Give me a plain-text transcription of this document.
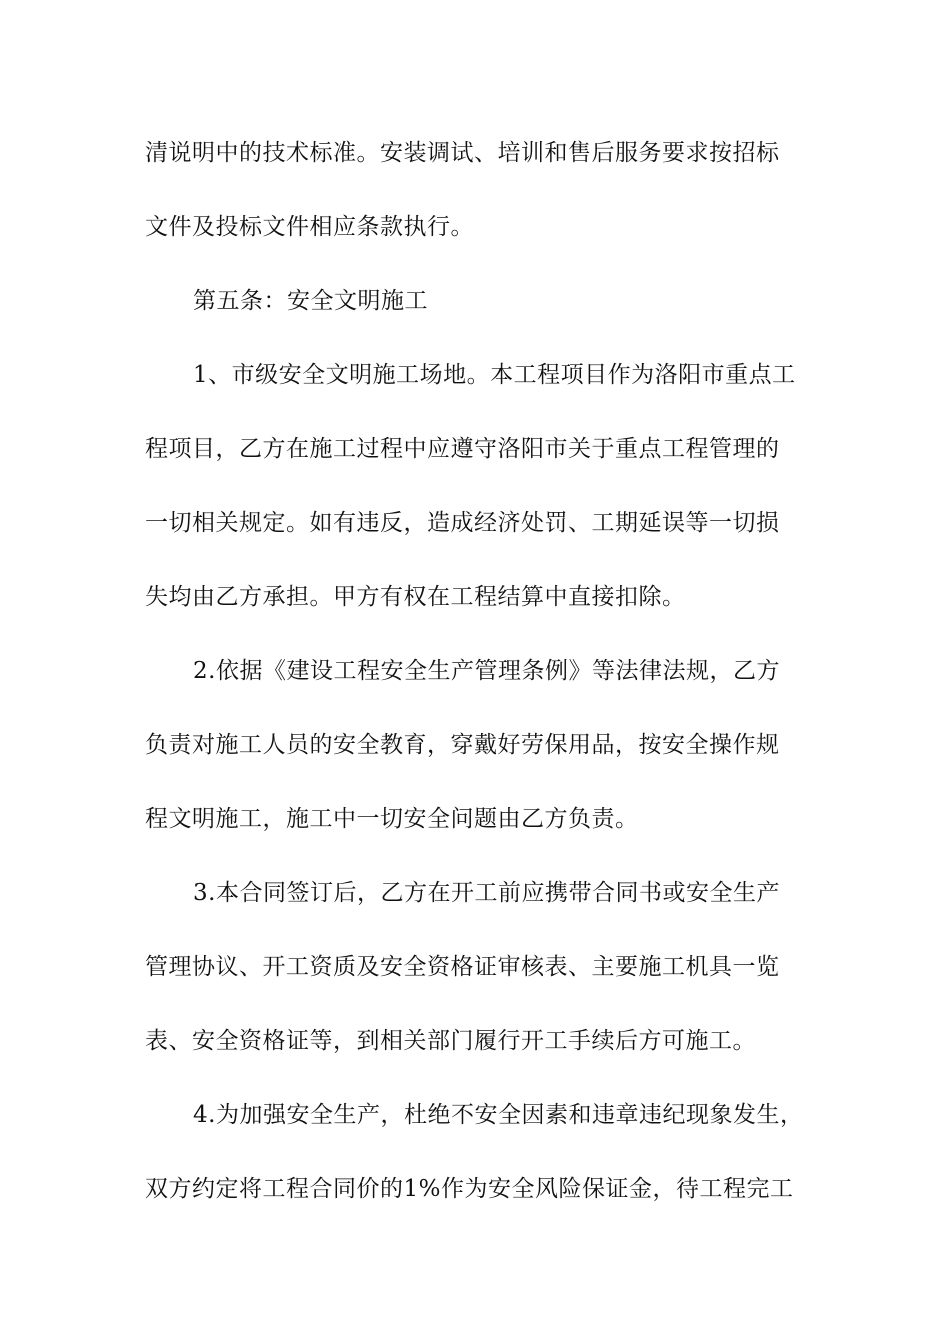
清说明中的技术标准。安装调试、培训和售后服务要求按招标
文件及投标文件相应条款执行。
第五条：安全文明施工
1、市级安全文明施工场地。本工程项目作为洛阳市重点工
程项目，乙方在施工过程中应遵守洛阳市关于重点工程管理的
一切相关规定。如有违反，造成经济处罚、工期延误等一切损
失均由乙方承担。甲方有权在工程结算中直接扣除。
2.依据《建设工程安全生产管理条例》等法律法规，乙方
负责对施工人员的安全教育，穿戴好劳保用品，按安全操作规
程文明施工，施工中一切安全问题由乙方负责。
3.本合同签订后，乙方在开工前应携带合同书或安全生产
管理协议、开工资质及安全资格证审核表、主要施工机具一览
表、安全资格证等，到相关部门履行开工手续后方可施工。
4.为加强安全生产，杜绝不安全因素和违章违纪现象发生，
双方约定将工程合同价的1%作为安全风险保证金，待工程完工
